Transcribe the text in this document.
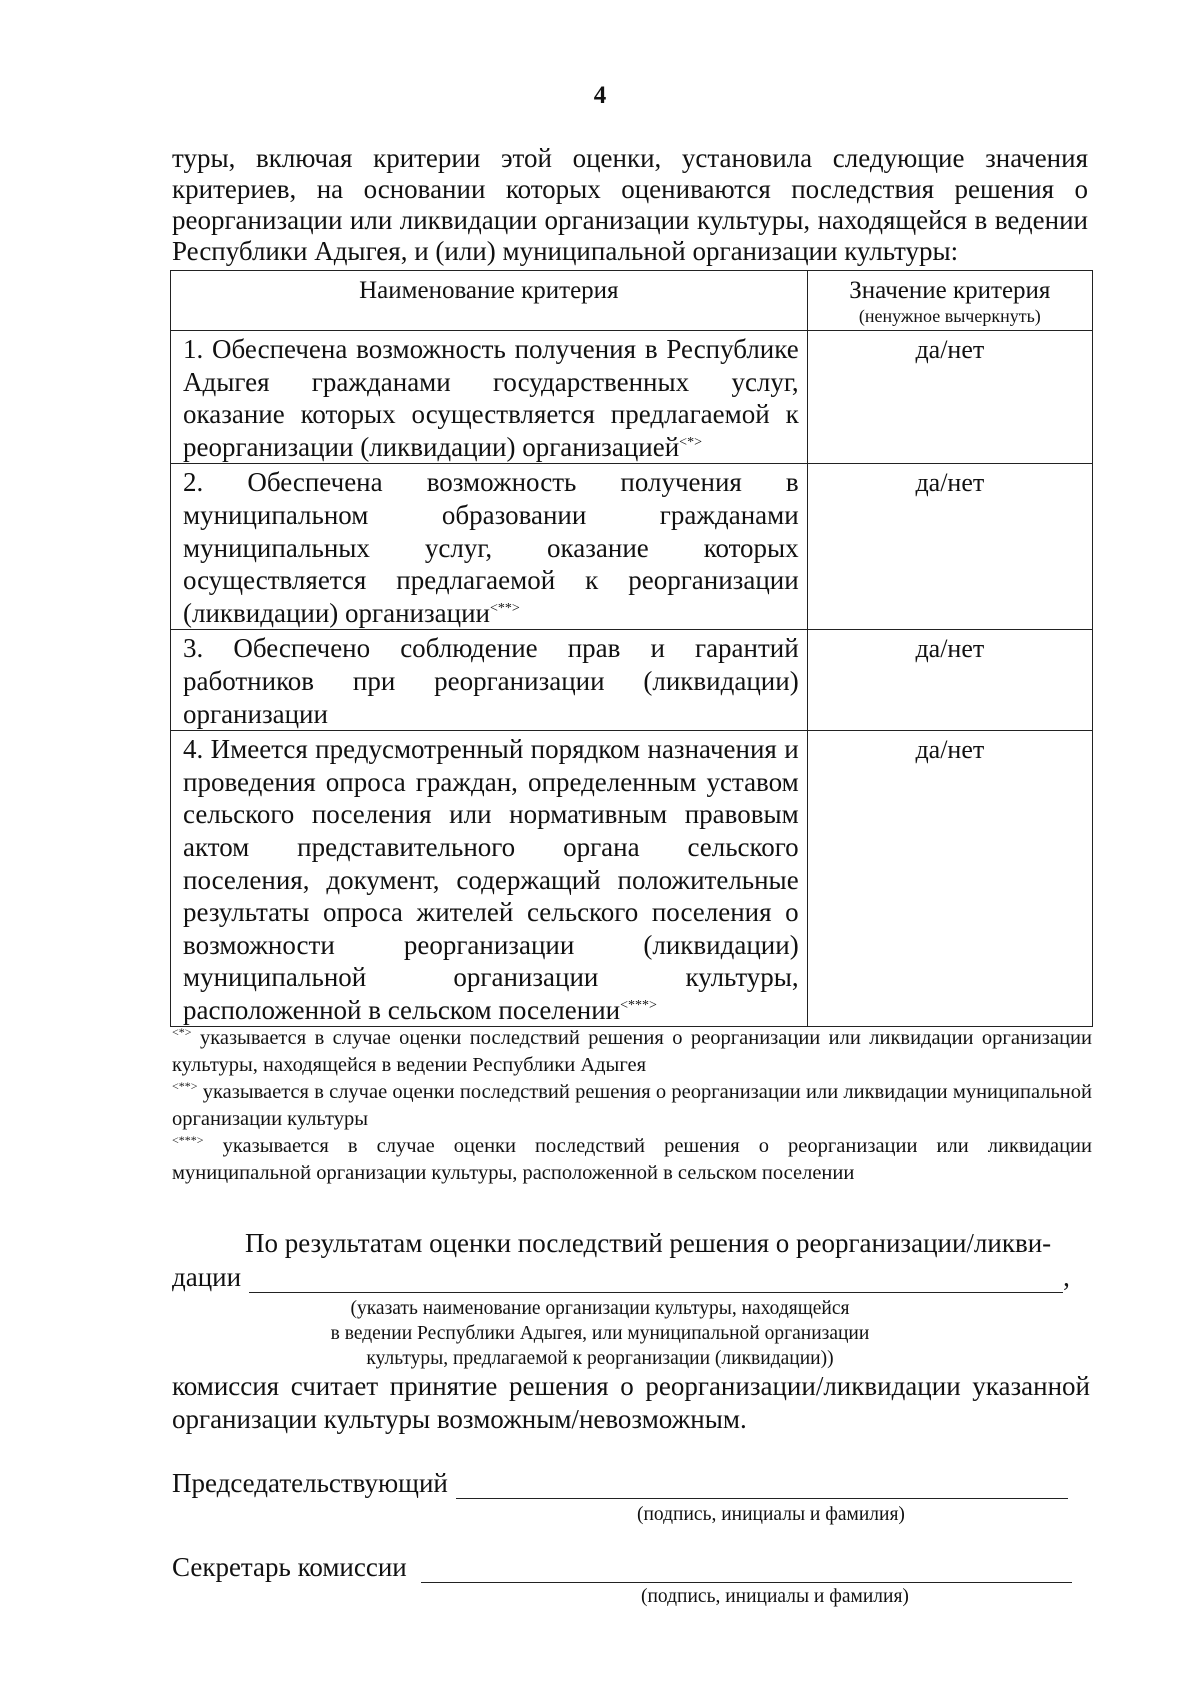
4
туры, включая критерии этой оценки, установила следующие значения критериев, на основании которых оцениваются последствия решения о реорганизации или ликвидации организации культуры, находящейся в ведении
Республики Адыгея, и (или) муниципальной организации культуры:
Наименование критерия	Значение критерия
(ненужное вычеркнуть)

1. Обеспечена возможность получения в Республике Адыгея гражданами государственных услуг, оказание которых осуществляется предлагаемой к реорганизации (ликвидации) организацией<*>	да/нет
2. Обеспечена возможность получения в муниципальном образовании гражданами муниципальных услуг, оказание которых осуществляется предлагаемой к реорганизации (ликвидации) организации<**>	да/нет
3. Обеспечено соблюдение прав и гарантий работников при реорганизации (ликвидации) организации	да/нет
4. Имеется предусмотренный порядком назначения и проведения опроса граждан, определенным уставом сельского поселения или нормативным правовым актом представительного органа сельского поселения, документ, содержащий положительные результаты опроса жителей сельского поселения о возможности реорганизации (ликвидации) муниципальной организации культуры, расположенной в сельском поселении<***>	да/нет
<*> указывается в случае оценки последствий решения о реорганизации или ликвидации организации культуры, находящейся в ведении Республики Адыгея
<**> указывается в случае оценки последствий решения о реорганизации или ликвидации муниципальной организации культуры
<***> указывается в случае оценки последствий решения о реорганизации или ликвидации муниципальной организации культуры, расположенной в сельском поселении
По результатам оценки последствий решения о реорганизации/ликви-
дации	,
(указать наименование организации культуры, находящейся
в ведении Республики Адыгея, или муниципальной организации
культуры, предлагаемой к реорганизации (ликвидации))
комиссия считает принятие решения о реорганизации/ликвидации указанной организации культуры возможным/невозможным.
Председательствующий
(подпись, инициалы и фамилия)
Секретарь комиссии
(подпись, инициалы и фамилия)
